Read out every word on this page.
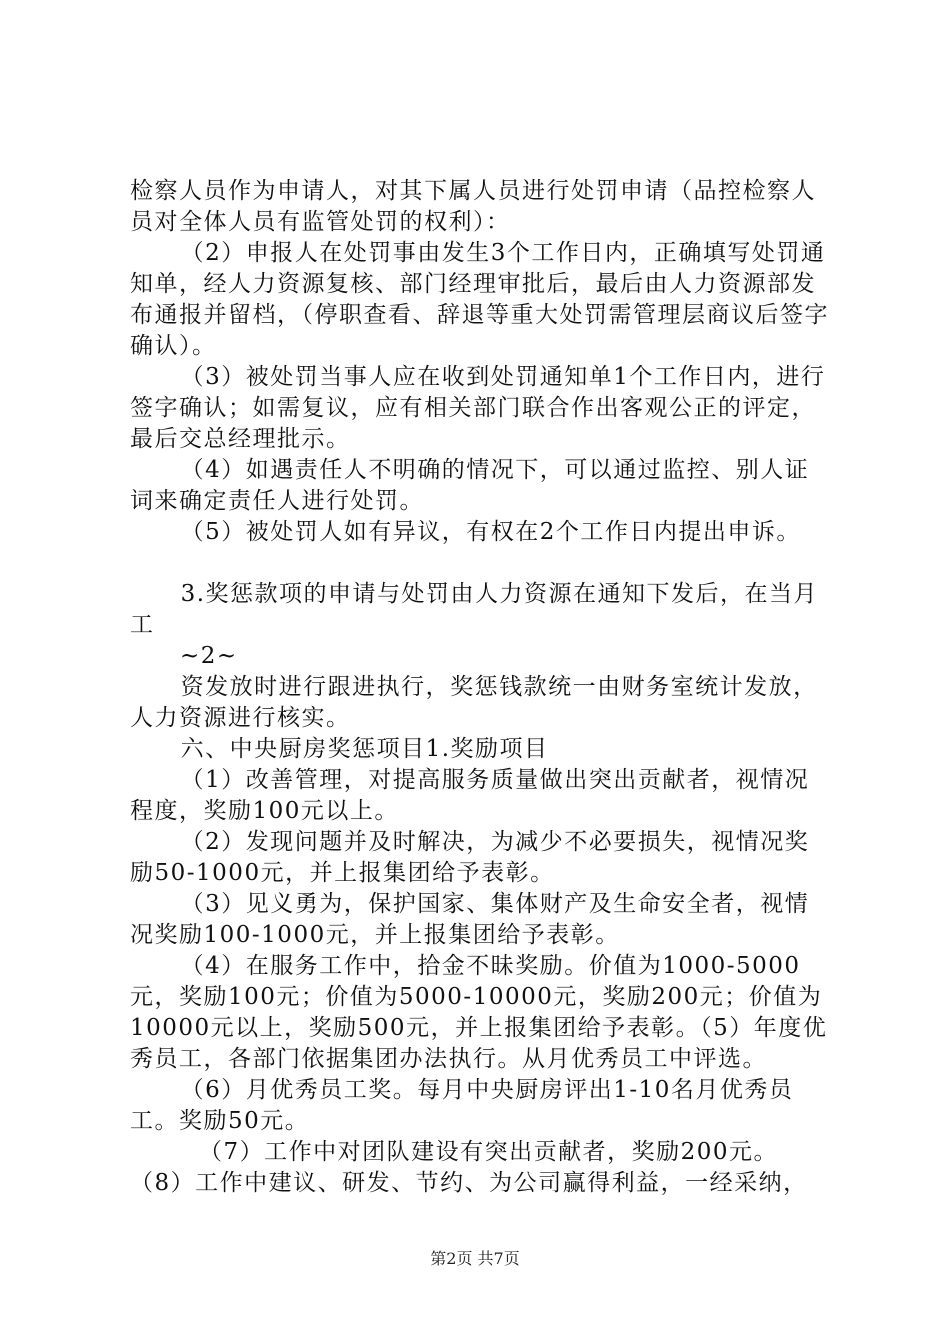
检察人员作为申请人，对其下属人员进行处罚申请（品控检察人员对全体人员有监管处罚的权利）：

（2）申报人在处罚事由发生3个工作日内，正确填写处罚通知单，经人力资源复核、部门经理审批后，最后由人力资源部发布通报并留档，（停职查看、辞退等重大处罚需管理层商议后签字确认）。

（3）被处罚当事人应在收到处罚通知单1个工作日内，进行签字确认；如需复议，应有相关部门联合作出客观公正的评定，最后交总经理批示。

（4）如遇责任人不明确的情况下，可以通过监控、别人证词来确定责任人进行处罚。

（5）被处罚人如有异议，有权在2个工作日内提出申诉。

3.奖惩款项的申请与处罚由人力资源在通知下发后，在当月工

~2~

资发放时进行跟进执行，奖惩钱款统一由财务室统计发放，人力资源进行核实。

六、中央厨房奖惩项目1.奖励项目

（1）改善管理，对提高服务质量做出突出贡献者，视情况程度，奖励100元以上。

（2）发现问题并及时解决，为减少不必要损失，视情况奖励50-1000元，并上报集团给予表彰。

（3）见义勇为，保护国家、集体财产及生命安全者，视情况奖励100-1000元，并上报集团给予表彰。

（4）在服务工作中，拾金不昧奖励。价值为1000-5000元，奖励100元；价值为5000-10000元，奖励200元；价值为10000元以上，奖励500元，并上报集团给予表彰。（5）年度优秀员工，各部门依据集团办法执行。从月优秀员工中评选。

（6）月优秀员工奖。每月中央厨房评出1-10名月优秀员工。奖励50元。

（7）工作中对团队建设有突出贡献者，奖励200元。

（8）工作中建议、研发、节约、为公司赢得利益，一经采纳，

第2页 共7页
